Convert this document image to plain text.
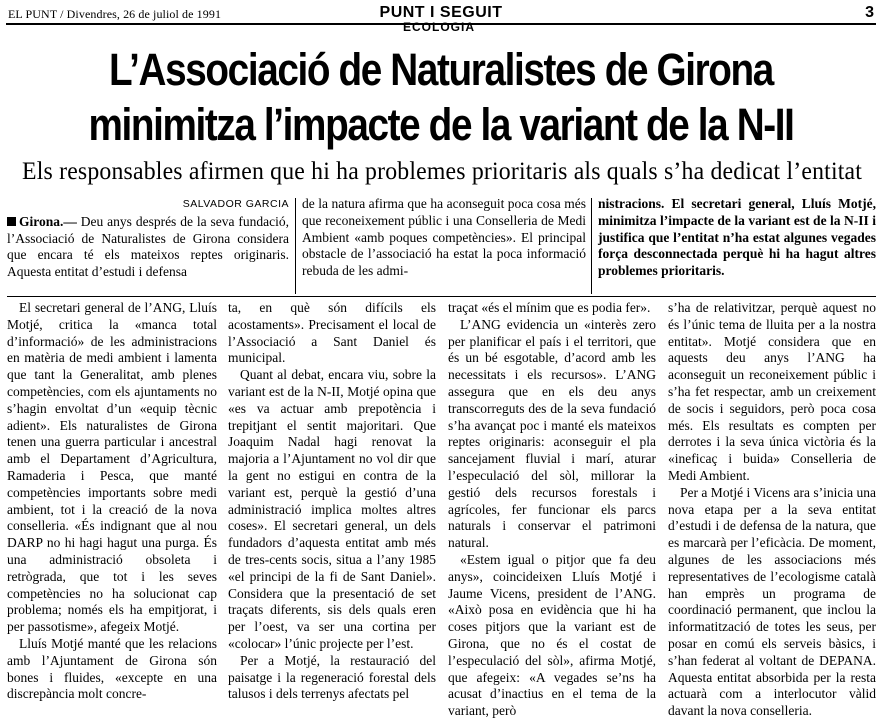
EL PUNT / Divendres, 26 de juliol de 1991	PUNT I SEGUIT	3
ECOLOGIA
L’Associació de Naturalistes de Girona
minimitza l’impacte de la variant de la N-II
Els responsables afirmen que hi ha problemes prioritaris als quals s’ha dedicat l’entitat
SALVADOR GARCIA

Girona.— Deu anys després de la seva fundació, l’Associació de Naturalistes de Girona considera que encara té els mateixos reptes originaris. Aquesta entitat d’estudi i defensa

de la natura afirma que ha aconseguit poca cosa més que reconeixement públic i una Conselleria de Medi Ambient «amb poques competències». El principal obstacle de l’associació ha estat la poca informació rebuda de les admi-

nistracions. El secretari general, Lluís Motjé, minimitza l’impacte de la variant est de la N-II i justifica que l’entitat n’ha estat algunes vegades força desconnectada perquè hi ha hagut altres problemes prioritaris.

El secretari general de l’ANG, Lluís Motjé, critica la «manca total d’informació» de les administracions en matèria de medi ambient i lamenta que tant la Generalitat, amb plenes competències, com els ajuntaments no s’hagin envoltat d’un «equip tècnic adient». Els naturalistes de Girona tenen una guerra particular i ancestral amb el Departament d’Agricultura, Ramaderia i Pesca, que manté competències importants sobre medi ambient, tot i la creació de la nova conselleria. «És indignant que al nou DARP no hi hagi hagut una purga. És una administració obsoleta i retrògrada, que tot i les seves competències no ha solucionat cap problema; només els ha empitjorat, i per passotisme», afegeix Motjé.

Lluís Motjé manté que les relacions amb l’Ajuntament de Girona són bones i fluides, «excepte en una discrepància molt concre-

ta, en què són difícils els acostaments». Precisament el local de l’Associació a Sant Daniel és municipal.

Quant al debat, encara viu, sobre la variant est de la N-II, Motjé opina que «es va actuar amb prepotència i trepitjant el sentit majoritari. Que Joaquim Nadal hagi renovat la majoria a l’Ajuntament no vol dir que la gent no estigui en contra de la variant est, perquè la gestió d’una administració implica moltes altres coses». El secretari general, un dels fundadors d’aquesta entitat amb més de tres-cents socis, situa a l’any 1985 «el principi de la fi de Sant Daniel». Considera que la presentació de set traçats diferents, sis dels quals eren per l’oest, va ser una cortina per «colocar» l’únic projecte per l’est.

Per a Motjé, la restauració del paisatge i la regeneració forestal dels talusos i dels terrenys afectats pel

traçat «és el mínim que es podia fer».

L’ANG evidencia un «interès zero per planificar el país i el territori, que és un bé esgotable, d’acord amb les necessitats i els recursos». L’ANG assegura que en els deu anys transcorreguts des de la seva fundació s’ha avançat poc i manté els mateixos reptes originaris: aconseguir el pla sancejament fluvial i marí, aturar l’especulació del sòl, millorar la gestió dels recursos forestals i agrícoles, fer funcionar els parcs naturals i conservar el patrimoni natural.

«Estem igual o pitjor que fa deu anys», coincideixen Lluís Motjé i Jaume Vicens, president de l’ANG. «Això posa en evidència que hi ha coses pitjors que la variant est de Girona, que no és el costat de l’especulació del sòl», afirma Motjé, que afegeix: «A vegades se’ns ha acusat d’inactius en el tema de la variant, però

s’ha de relativitzar, perquè aquest no és l’únic tema de lluita per a la nostra entitat». Motjé considera que en aquests deu anys l’ANG ha aconseguit un reconeixement públic i s’ha fet respectar, amb un creixement de socis i seguidors, però poca cosa més. Els resultats es compten per derrotes i la seva única victòria és la «ineficaç i buida» Conselleria de Medi Ambient.

Per a Motjé i Vicens ara s’inicia una nova etapa per a la seva entitat d’estudi i de defensa de la natura, que es marcarà per l’eficàcia. De moment, algunes de les associacions més representatives de l’ecologisme català han emprès un programa de coordinació permanent, que inclou la informatització de totes les seus, per posar en comú els serveis bàsics, i s’han federat al voltant de DEPANA. Aquesta entitat absorbida per la resta actuarà com a interlocutor vàlid davant la nova conselleria.
